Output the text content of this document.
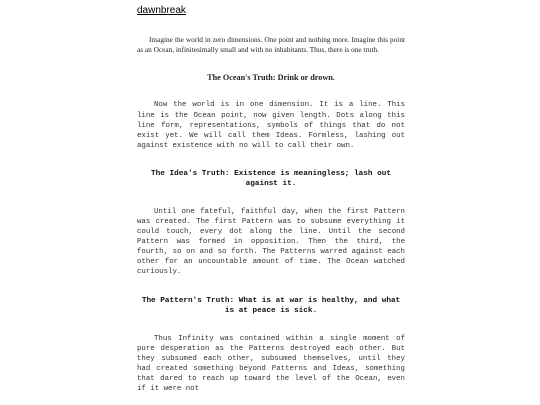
dawnbreak

Imagine the world in zero dimensions. One point and nothing more. Imagine this point as an Ocean, infinitesimally small and with no inhabitants. Thus, there is one truth.

The Ocean's Truth: Drink or drown.

Now the world is in one dimension. It is a line. This line is the Ocean point, now given length. Dots along this line form, representations, symbols of things that do not exist yet. We will call them Ideas. Formless, lashing out against existence with no will to call their own.

The Idea's Truth: Existence is meaningless; lash out against it.

Until one fateful, faithful day, when the first Pattern was created. The first Pattern was to subsume everything it could touch, every dot along the line. Until the second Pattern was formed in opposition. Then the third, the fourth, so on and so forth. The Patterns warred against each other for an uncountable amount of time. The Ocean watched curiously.

The Pattern's Truth: What is at war is healthy, and what is at peace is sick.

Thus Infinity was contained within a single moment of pure desperation as the Patterns destroyed each other. But they subsumed each other, subsumed themselves, until they had created something beyond Patterns and Ideas, something that dared to reach up toward the level of the Ocean, even if it were not
